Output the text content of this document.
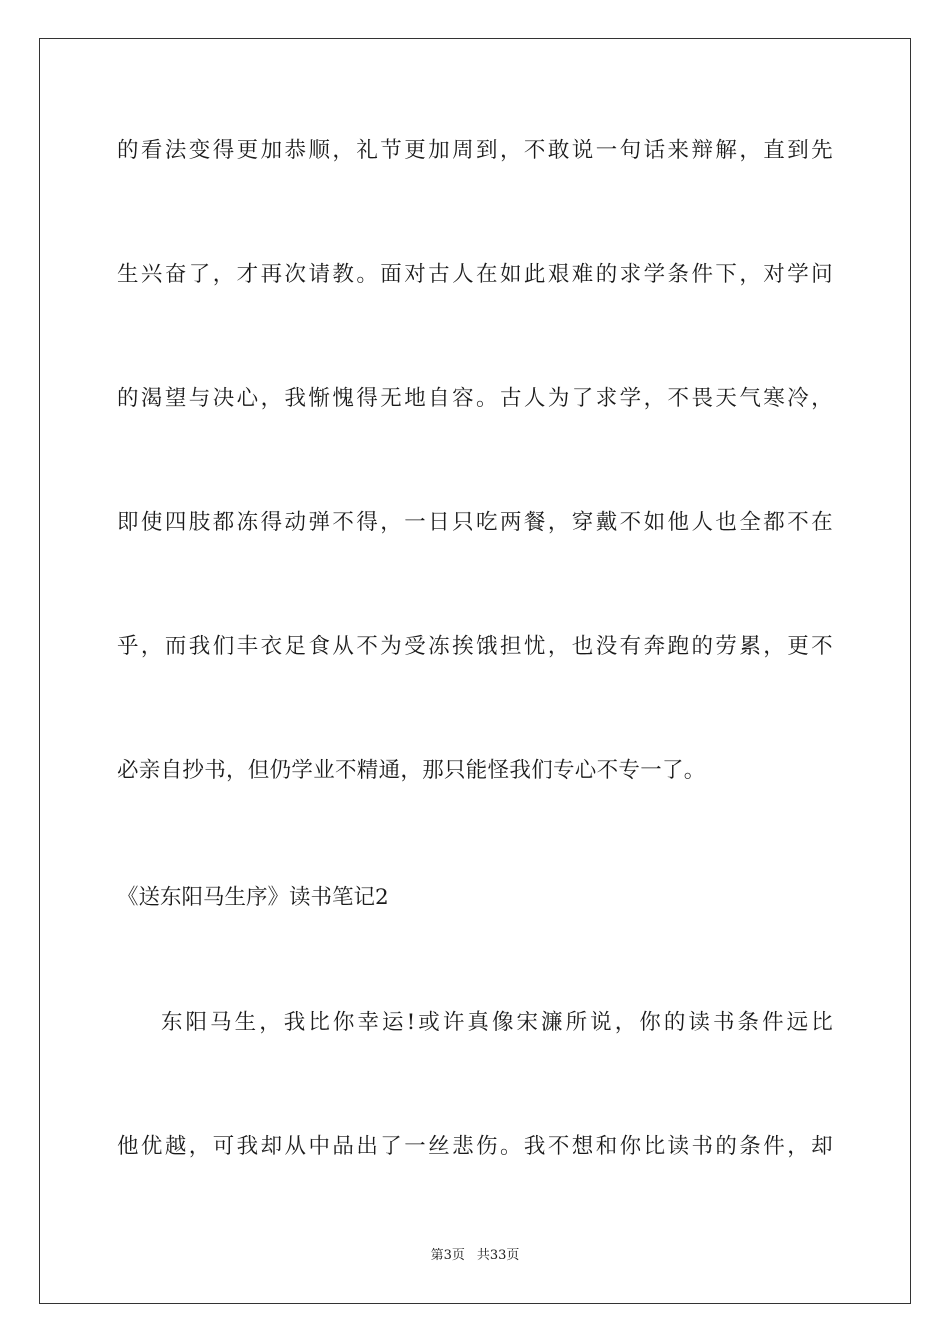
的看法变得更加恭顺，礼节更加周到，不敢说一句话来辩解，直到先
生兴奋了，才再次请教。面对古人在如此艰难的求学条件下，对学问
的渴望与决心，我惭愧得无地自容。古人为了求学，不畏天气寒冷，
即使四肢都冻得动弹不得，一日只吃两餐，穿戴不如他人也全都不在
乎，而我们丰衣足食从不为受冻挨饿担忧，也没有奔跑的劳累，更不
必亲自抄书，但仍学业不精通，那只能怪我们专心不专一了。
《送东阳马生序》读书笔记2
东阳马生，我比你幸运!或许真像宋濂所说，你的读书条件远比
他优越，可我却从中品出了一丝悲伤。我不想和你比读书的条件，却
第3页 共33页
